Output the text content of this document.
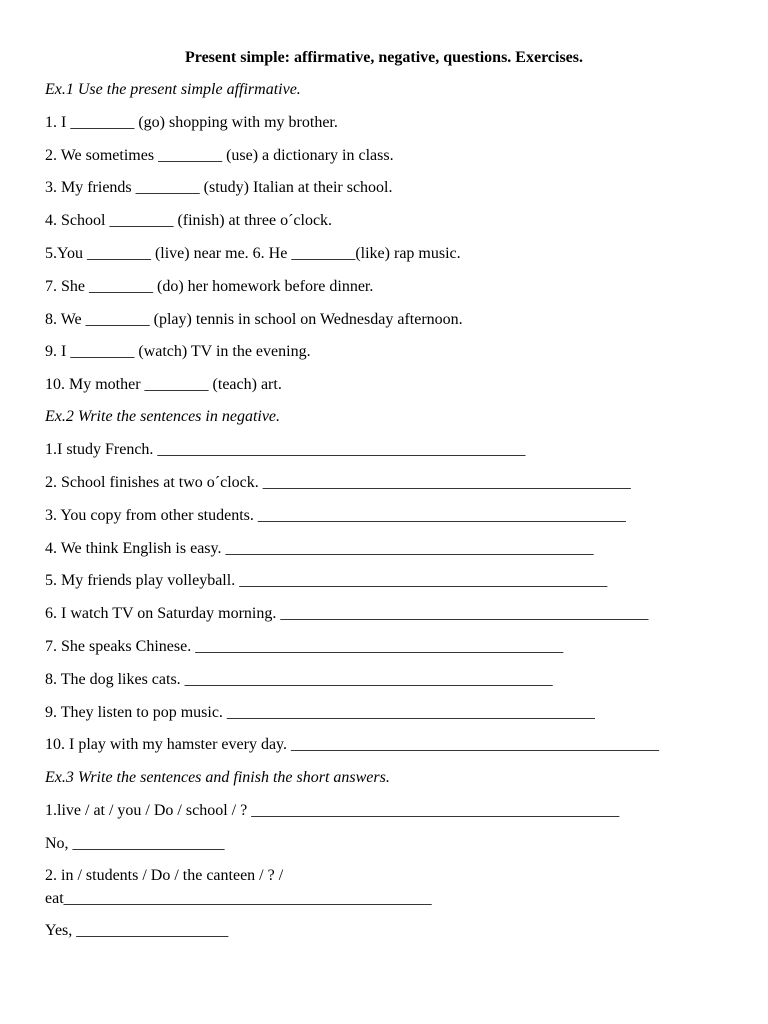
Present simple: affirmative, negative, questions. Exercises.
Ex.1 Use the present simple affirmative.
1. I ________ (go) shopping with my brother.
2. We sometimes ________ (use) a dictionary in class.
3. My friends ________ (study) Italian at their school.
4. School ________ (finish) at three o´clock.
5.You ________ (live) near me. 6. He ________(like) rap music.
7. She ________ (do) her homework before dinner.
8. We ________ (play) tennis in school on Wednesday afternoon.
9. I ________ (watch) TV in the evening.
10. My mother ________ (teach) art.
Ex.2 Write the sentences in negative.
1.I study French. ______________________________________________
2. School finishes at two o´clock. ______________________________________________
3. You copy from other students. ______________________________________________
4. We think English is easy. ______________________________________________
5. My friends play volleyball. ______________________________________________
6. I watch TV on Saturday morning. ______________________________________________
7. She speaks Chinese. ______________________________________________
8. The dog likes cats. ______________________________________________
9. They listen to pop music. ______________________________________________
10. I play with my hamster every day. ______________________________________________
Ex.3 Write the sentences and finish the short answers.
1.live / at / you / Do / school / ? ______________________________________________
No, ___________________
2. in / students / Do / the canteen / ? /
eat______________________________________________
Yes, ___________________
